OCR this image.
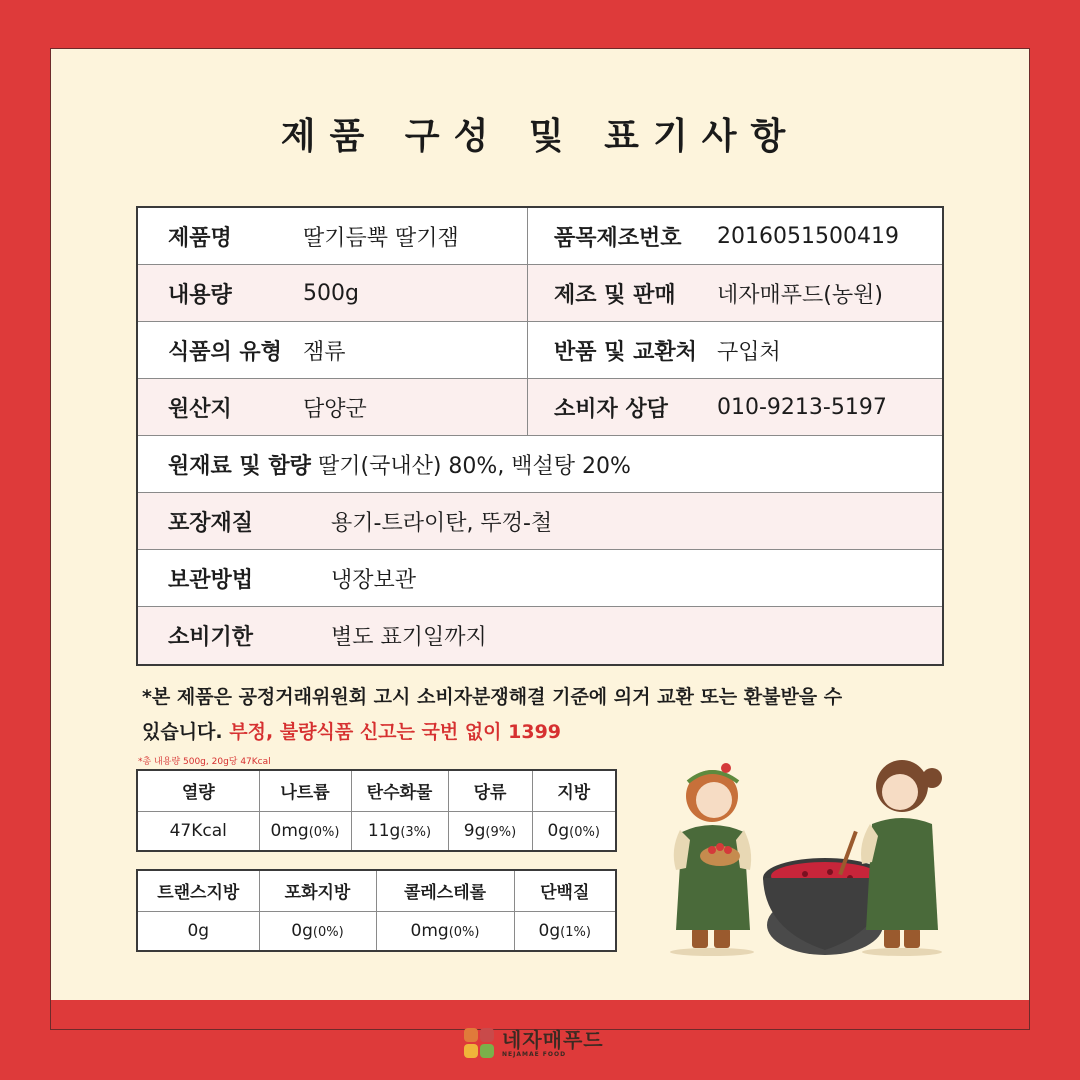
제품 구성 및 표기사항
제품명	딸기듬뿍 딸기잼	품목제조번호	2016051500419
내용량	500g	제조 및 판매	네자매푸드(농원)
식품의 유형 잼류	반품 및 교환처 구입처
원산지	담양군	소비자 상담	010-9213-5197
원재료 및 함량 딸기(국내산) 80%, 백설탕 20%
포장재질	용기-트라이탄, 뚜껑-철
보관방법	냉장보관
소비기한	별도 표기일까지
*본 제품은 공정거래위원회 고시 소비자분쟁해결 기준에 의거 교환 또는 환불받을 수
있습니다. 부정, 불량식품 신고는 국번 없이 1399
*총 내용량 500g, 20g당 47Kcal
열량	나트륨	탄수화물	당류	지방
47Kcal	0mg(0%)	11g(3%)	9g(9%)	0g(0%)
트랜스지방	포화지방	콜레스테롤	단백질
0g	0g(0%)	0mg(0%)	0g(1%)
네자매푸드
NEJAMAE FOOD
